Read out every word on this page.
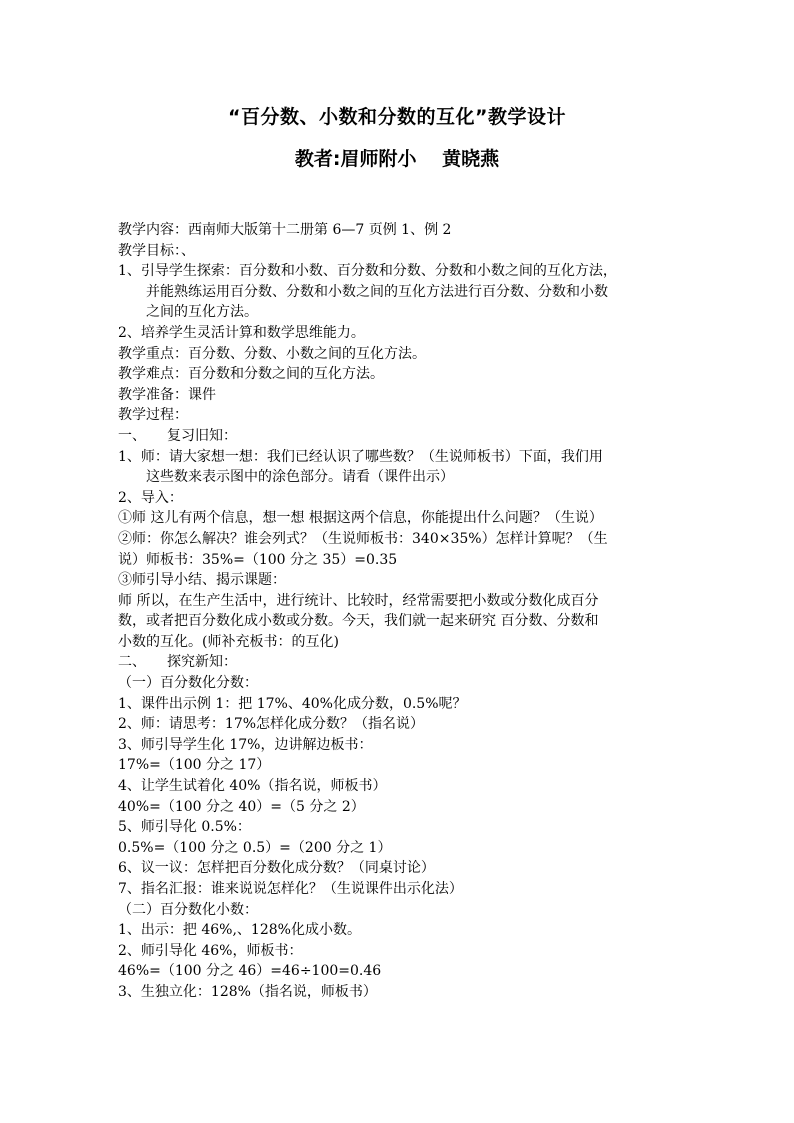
“百分数、小数和分数的互化”教学设计
教者:眉师附小　 黄晓燕
教学内容：西南师大版第十二册第 6—7 页例 1、例 2
教学目标：、
1、引导学生探索：百分数和小数、百分数和分数、分数和小数之间的互化方法，
并能熟练运用百分数、分数和小数之间的互化方法进行百分数、分数和小数
之间的互化方法。
2、培养学生灵活计算和数学思维能力。
教学重点：百分数、分数、小数之间的互化方法。
教学难点：百分数和分数之间的互化方法。
教学准备：课件
教学过程：
一、　　复习旧知：
1、师：请大家想一想：我们已经认识了哪些数？（生说师板书）下面，我们用
这些数来表示图中的涂色部分。请看（课件出示）
2、导入：
①师 这儿有两个信息，想一想 根据这两个信息，你能提出什么问题？（生说）
②师：你怎么解决？谁会列式？（生说师板书：340×35%）怎样计算呢？（生
说）师板书：35%=（100 分之 35）=0.35
③师引导小结、揭示课题：
师 所以，在生产生活中，进行统计、比较时，经常需要把小数或分数化成百分
数，或者把百分数化成小数或分数。今天，我们就一起来研究 百分数、分数和
小数的互化。(师补充板书：的互化)
二、　　探究新知：
（一）百分数化分数：
1、课件出示例 1：把 17%、40%化成分数，0.5%呢？
2、师：请思考：17%怎样化成分数？（指名说）
3、师引导学生化 17%，边讲解边板书：
17%=（100 分之 17）
4、让学生试着化 40%（指名说，师板书）
40%=（100 分之 40）=（5 分之 2）
5、师引导化 0.5%：
0.5%=（100 分之 0.5）=（200 分之 1）
6、议一议：怎样把百分数化成分数？（同桌讨论）
7、指名汇报：谁来说说怎样化？（生说课件出示化法）
（二）百分数化小数：
1、出示：把 46%,、128%化成小数。
2、师引导化 46%，师板书：
46%=（100 分之 46）=46÷100=0.46
3、生独立化：128%（指名说，师板书）
